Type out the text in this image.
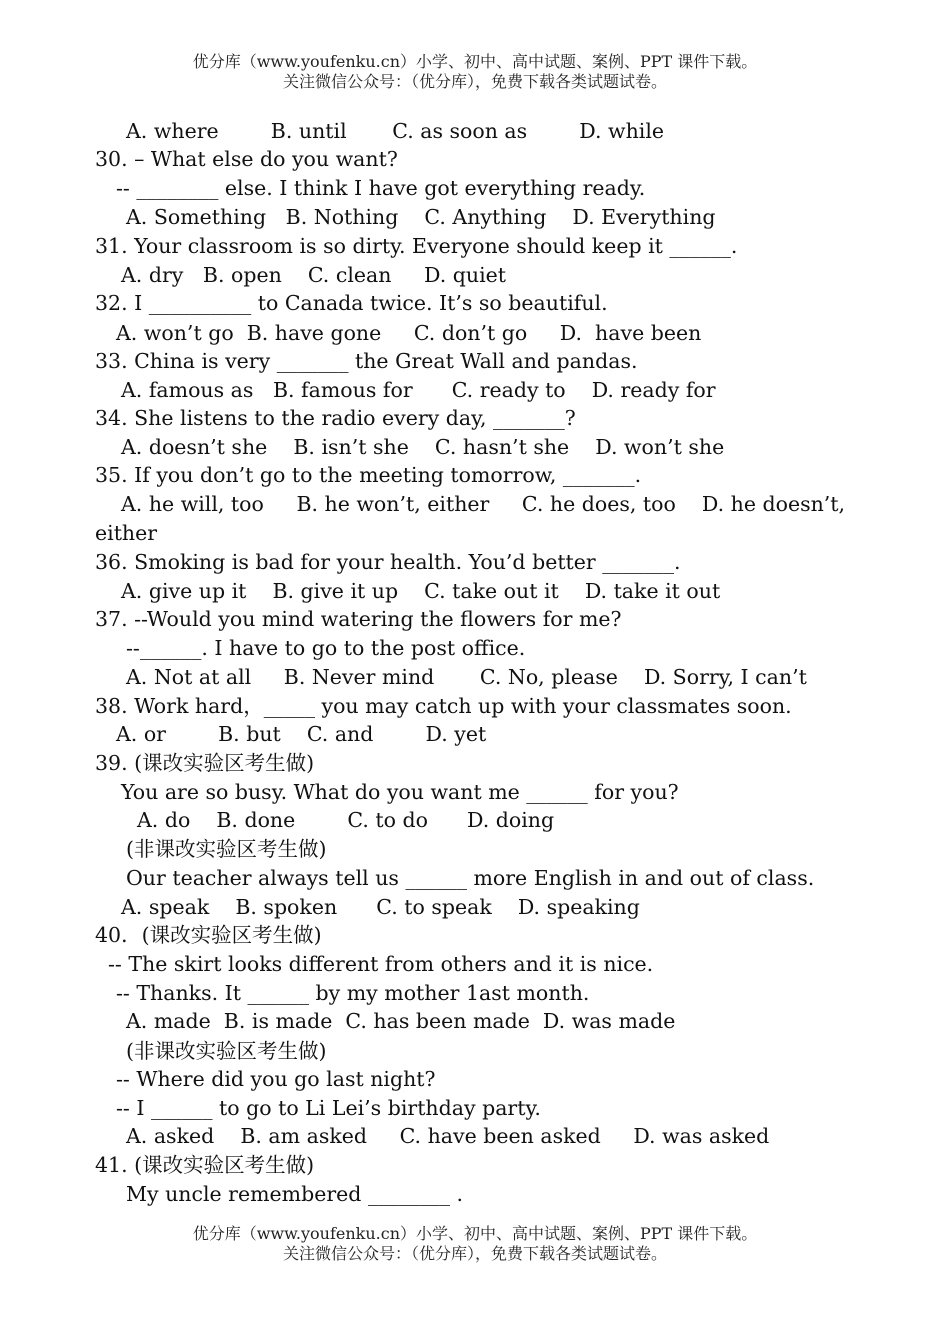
优分库（www.youfenku.cn）小学、初中、高中试题、案例、PPT 课件下载。
关注微信公众号：（优分库），免费下载各类试题试卷。
A. where        B. until       C. as soon as        D. while
30. – What else do you want?
-- ________ else. I think I have got everything ready.
A. Something   B. Nothing    C. Anything    D. Everything
31. Your classroom is so dirty. Everyone should keep it ______.
A. dry   B. open    C. clean     D. quiet
32. I __________ to Canada twice. It’s so beautiful.
A. won’t go  B. have gone     C. don’t go     D.  have been
33. China is very _______ the Great Wall and pandas.
A. famous as   B. famous for      C. ready to    D. ready for
34. She listens to the radio every day, _______?
A. doesn’t she    B. isn’t she    C. hasn’t she    D. won’t she
35. If you don’t go to the meeting tomorrow, _______.
A. he will, too     B. he won’t, either     C. he does, too    D. he doesn’t,
either
36. Smoking is bad for your health. You’d better _______.
A. give up it    B. give it up    C. take out it    D. take it out
37. --Would you mind watering the flowers for me?
--______. I have to go to the post office.
A. Not at all     B. Never mind       C. No, please    D. Sorry, I can’t
38. Work hard，_____ you may catch up with your classmates soon.
A. or        B. but    C. and        D. yet
39. (课改实验区考生做)
You are so busy. What do you want me ______ for you?
A. do    B. done        C. to do      D. doing
(非课改实验区考生做)
Our teacher always tell us ______ more English in and out of class.
A. speak    B. spoken      C. to speak    D. speaking
40．(课改实验区考生做)
-- The skirt looks different from others and it is nice.
-- Thanks. It ______ by my mother 1ast month.
A. made  B. is made  C. has been made  D. was made
(非课改实验区考生做)
-- Where did you go last night?
-- I ______ to go to Li Lei’s birthday party.
A. asked    B. am asked     C. have been asked     D. was asked
41. (课改实验区考生做)
My uncle remembered ________ .
优分库（www.youfenku.cn）小学、初中、高中试题、案例、PPT 课件下载。
关注微信公众号：（优分库），免费下载各类试题试卷。
